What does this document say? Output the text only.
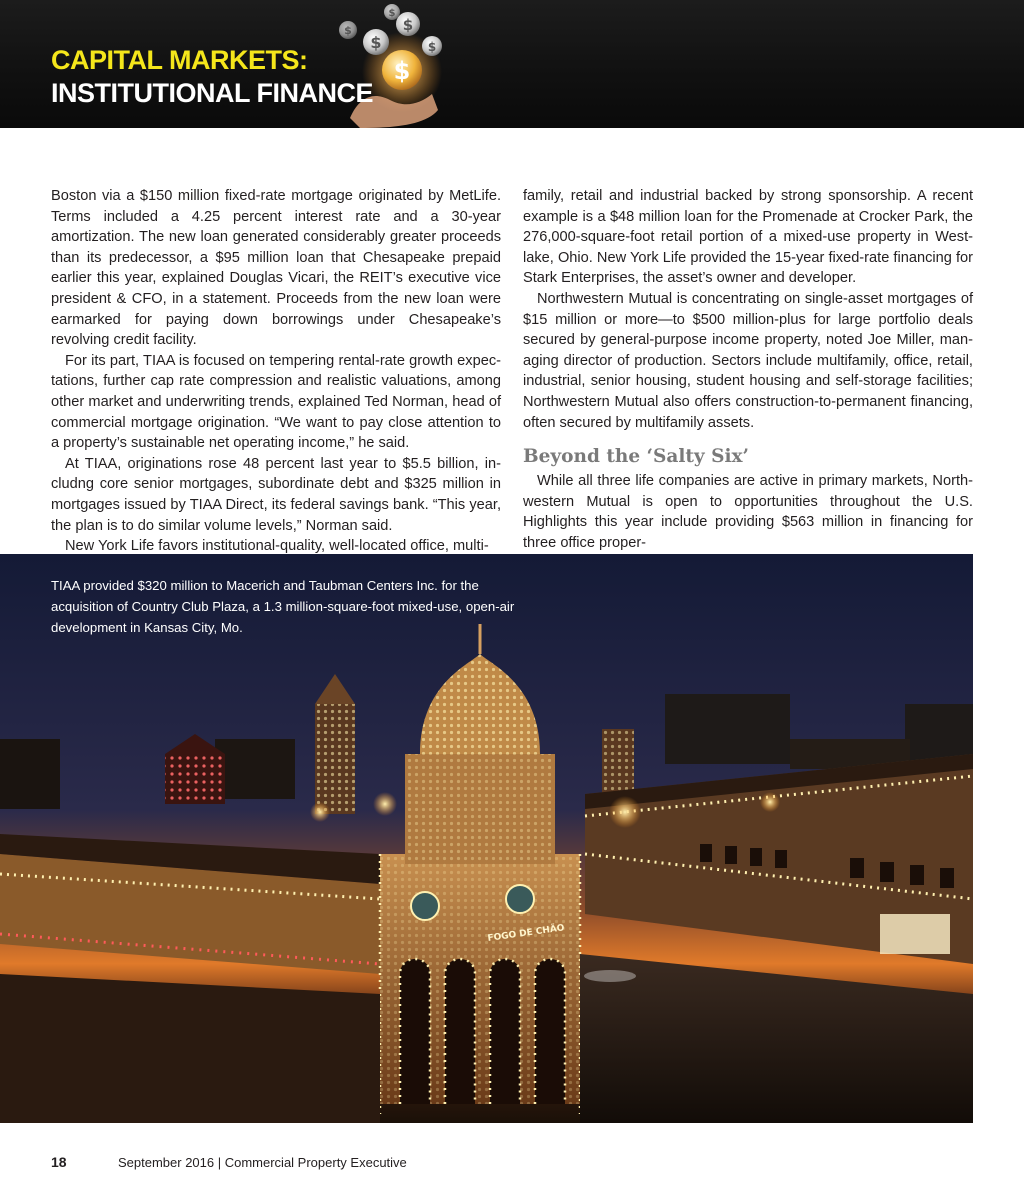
$
$
$
$
$
$
CAPITAL MARKETS:
INSTITUTIONAL FINANCE

Boston via a $150 million fixed-rate mortgage originated by MetLife. Terms included a 4.25 percent interest rate and a 30-year amortization. The new loan generated considerably greater proceeds than its predecessor, a $95 million loan that Chesapeake prepaid earlier this year, explained Douglas Vicari, the REIT’s executive vice president & CFO, in a statement. Proceeds from the new loan were earmarked for paying down borrowings under Chesapeake’s revolving credit facility.

For its part, TIAA is focused on tempering rental-rate growth expectations, further cap rate compression and realistic valuations, among other market and underwriting trends, explained Ted Norman, head of commercial mortgage origination. “We want to pay close attention to a property’s sustainable net operating income,” he said.

At TIAA, originations rose 48 percent last year to $5.5 billion, includng core senior mortgages, subordinate debt and $325 million in mortgages issued by TIAA Direct, its federal savings bank. “This year, the plan is to do similar volume levels,” Norman said.

New York Life favors institutional-quality, well-located office, multi-

family, retail and industrial backed by strong sponsorship. A recent example is a $48 million loan for the Promenade at Crocker Park, the 276,000-square-foot retail portion of a mixed-use property in Westlake, Ohio. New York Life provided the 15-year fixed-rate financing for Stark Enterprises, the asset’s owner and developer.

Northwestern Mutual is concentrating on single-asset mortgages of $15 million or more—to $500 million-plus for large portfolio deals secured by general-purpose income property, noted Joe Miller, managing director of production. Sectors include multifamily, office, retail, industrial, senior housing, student housing and self-storage facilities; Northwestern Mutual also offers construction-to-permanent financing, often secured by multifamily assets.

Beyond the ‘Salty Six’

While all three life companies are active in primary markets, Northwestern Mutual is open to opportunities throughout the U.S. Highlights this year include providing $563 million in financing for three office proper-

FOGO DE CHÃO
TIAA provided $320 million to Macerich and Taubman Centers Inc. for the acquisition of Country Club Plaza, a 1.3 million-square-foot mixed-use, open-air development in Kansas City, Mo.
18	September 2016 | Commercial Property Executive
